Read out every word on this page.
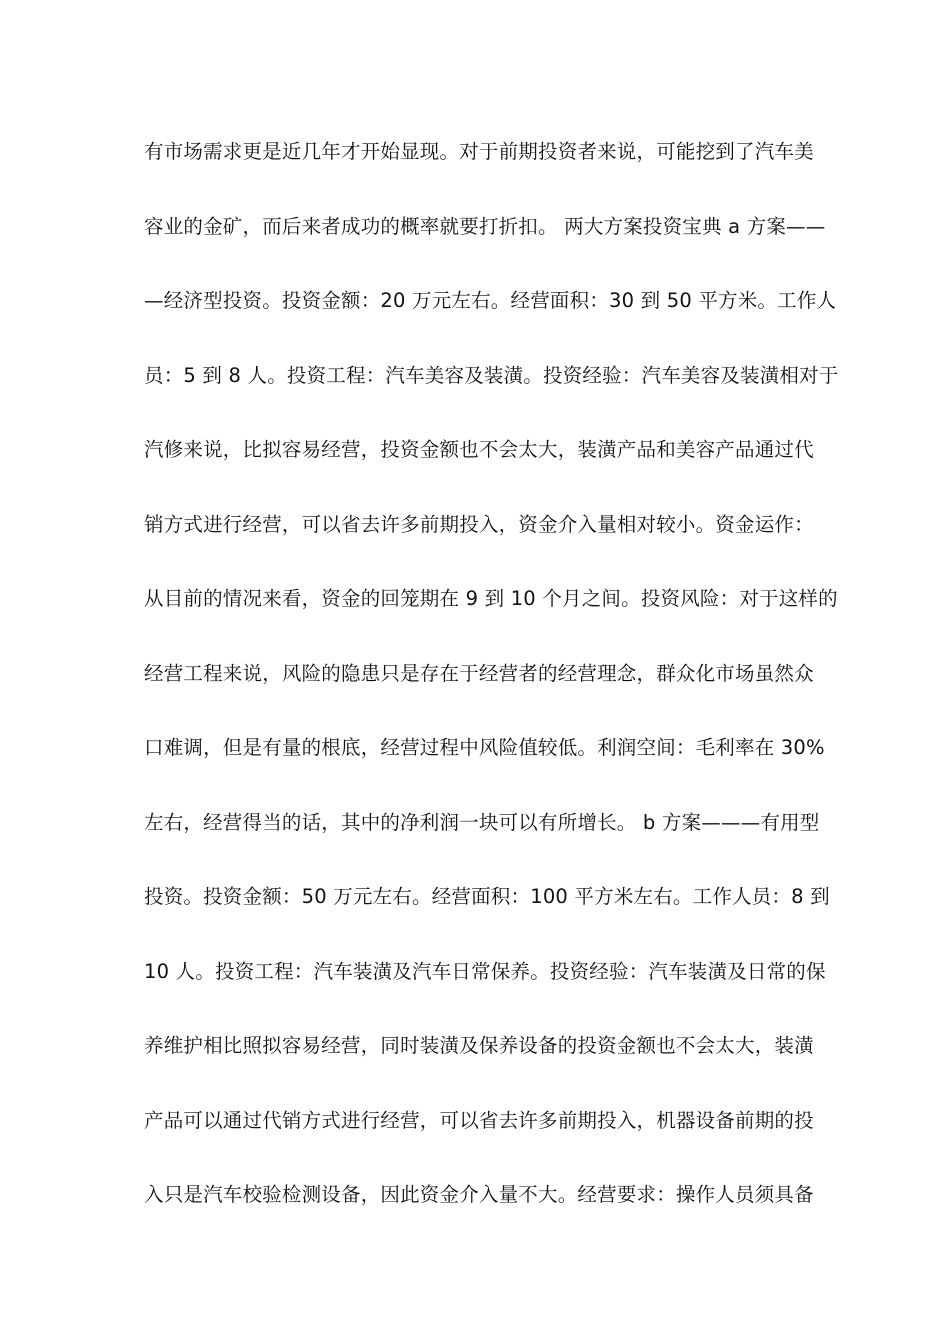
有市场需求更是近几年才开始显现。对于前期投资者来说，可能挖到了汽车美
容业的金矿，而后来者成功的概率就要打折扣。 两大方案投资宝典 a 方案——
—经济型投资。投资金额：20 万元左右。经营面积：30 到 50 平方米。工作人
员：5 到 8 人。投资工程：汽车美容及装潢。投资经验：汽车美容及装潢相对于
汽修来说，比拟容易经营，投资金额也不会太大，装潢产品和美容产品通过代
销方式进行经营，可以省去许多前期投入，资金介入量相对较小。资金运作：
从目前的情况来看，资金的回笼期在 9 到 10 个月之间。投资风险：对于这样的
经营工程来说，风险的隐患只是存在于经营者的经营理念，群众化市场虽然众
口难调，但是有量的根底，经营过程中风险值较低。利润空间：毛利率在 30%
左右，经营得当的话，其中的净利润一块可以有所增长。 b 方案———有用型
投资。投资金额：50 万元左右。经营面积：100 平方米左右。工作人员：8 到
10 人。投资工程：汽车装潢及汽车日常保养。投资经验：汽车装潢及日常的保
养维护相比照拟容易经营，同时装潢及保养设备的投资金额也不会太大，装潢
产品可以通过代销方式进行经营，可以省去许多前期投入，机器设备前期的投
入只是汽车校验检测设备，因此资金介入量不大。经营要求：操作人员须具备
